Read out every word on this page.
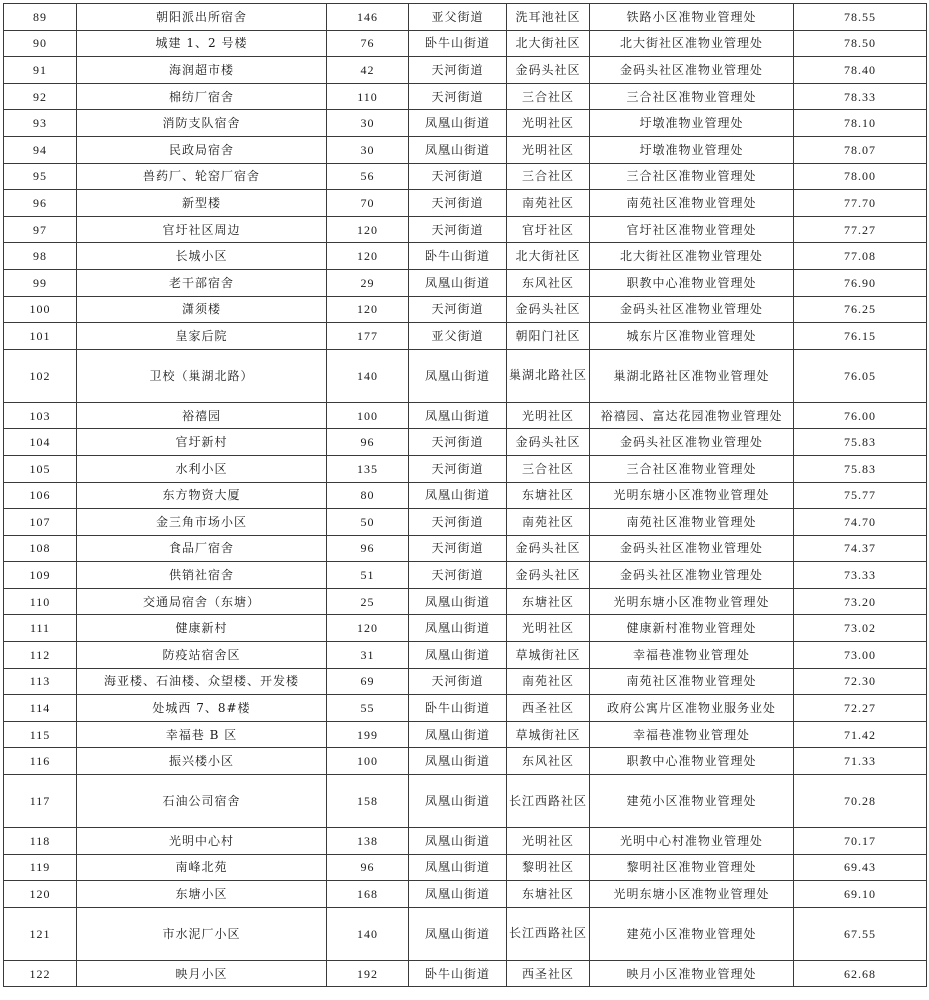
89	朝阳派出所宿舍	146	亚父街道	洗耳池社区	铁路小区准物业管理处	78.55
90	城建 1、2 号楼	76	卧牛山街道	北大街社区	北大街社区准物业管理处	78.50
91	海润超市楼	42	天河街道	金码头社区	金码头社区准物业管理处	78.40
92	棉纺厂宿舍	110	天河街道	三合社区	三合社区准物业管理处	78.33
93	消防支队宿舍	30	凤凰山街道	光明社区	圩墩准物业管理处	78.10
94	民政局宿舍	30	凤凰山街道	光明社区	圩墩准物业管理处	78.07
95	兽药厂、轮窑厂宿舍	56	天河街道	三合社区	三合社区准物业管理处	78.00
96	新型楼	70	天河街道	南苑社区	南苑社区准物业管理处	77.70
97	官圩社区周边	120	天河街道	官圩社区	官圩社区准物业管理处	77.27
98	长城小区	120	卧牛山街道	北大街社区	北大街社区准物业管理处	77.08
99	老干部宿舍	29	凤凰山街道	东风社区	职教中心准物业管理处	76.90
100	潇须楼	120	天河街道	金码头社区	金码头社区准物业管理处	76.25
101	皇家后院	177	亚父街道	朝阳门社区	城东片区准物业管理处	76.15
102	卫校（巢湖北路）	140	凤凰山街道	巢湖北路社区	巢湖北路社区准物业管理处	76.05
103	裕禧园	100	凤凰山街道	光明社区	裕禧园、富达花园准物业管理处	76.00
104	官圩新村	96	天河街道	金码头社区	金码头社区准物业管理处	75.83
105	水利小区	135	天河街道	三合社区	三合社区准物业管理处	75.83
106	东方物资大厦	80	凤凰山街道	东塘社区	光明东塘小区准物业管理处	75.77
107	金三角市场小区	50	天河街道	南苑社区	南苑社区准物业管理处	74.70
108	食品厂宿舍	96	天河街道	金码头社区	金码头社区准物业管理处	74.37
109	供销社宿舍	51	天河街道	金码头社区	金码头社区准物业管理处	73.33
110	交通局宿舍（东塘）	25	凤凰山街道	东塘社区	光明东塘小区准物业管理处	73.20
111	健康新村	120	凤凰山街道	光明社区	健康新村准物业管理处	73.02
112	防疫站宿舍区	31	凤凰山街道	草城街社区	幸福巷准物业管理处	73.00
113	海亚楼、石油楼、众望楼、开发楼	69	天河街道	南苑社区	南苑社区准物业管理处	72.30
114	处城西 7、8#楼	55	卧牛山街道	西圣社区	政府公寓片区准物业服务业处	72.27
115	幸福巷 B 区	199	凤凰山街道	草城街社区	幸福巷准物业管理处	71.42
116	振兴楼小区	100	凤凰山街道	东风社区	职教中心准物业管理处	71.33
117	石油公司宿舍	158	凤凰山街道	长江西路社区	建苑小区准物业管理处	70.28
118	光明中心村	138	凤凰山街道	光明社区	光明中心村准物业管理处	70.17
119	南峰北苑	96	凤凰山街道	黎明社区	黎明社区准物业管理处	69.43
120	东塘小区	168	凤凰山街道	东塘社区	光明东塘小区准物业管理处	69.10
121	市水泥厂小区	140	凤凰山街道	长江西路社区	建苑小区准物业管理处	67.55
122	映月小区	192	卧牛山街道	西圣社区	映月小区准物业管理处	62.68
